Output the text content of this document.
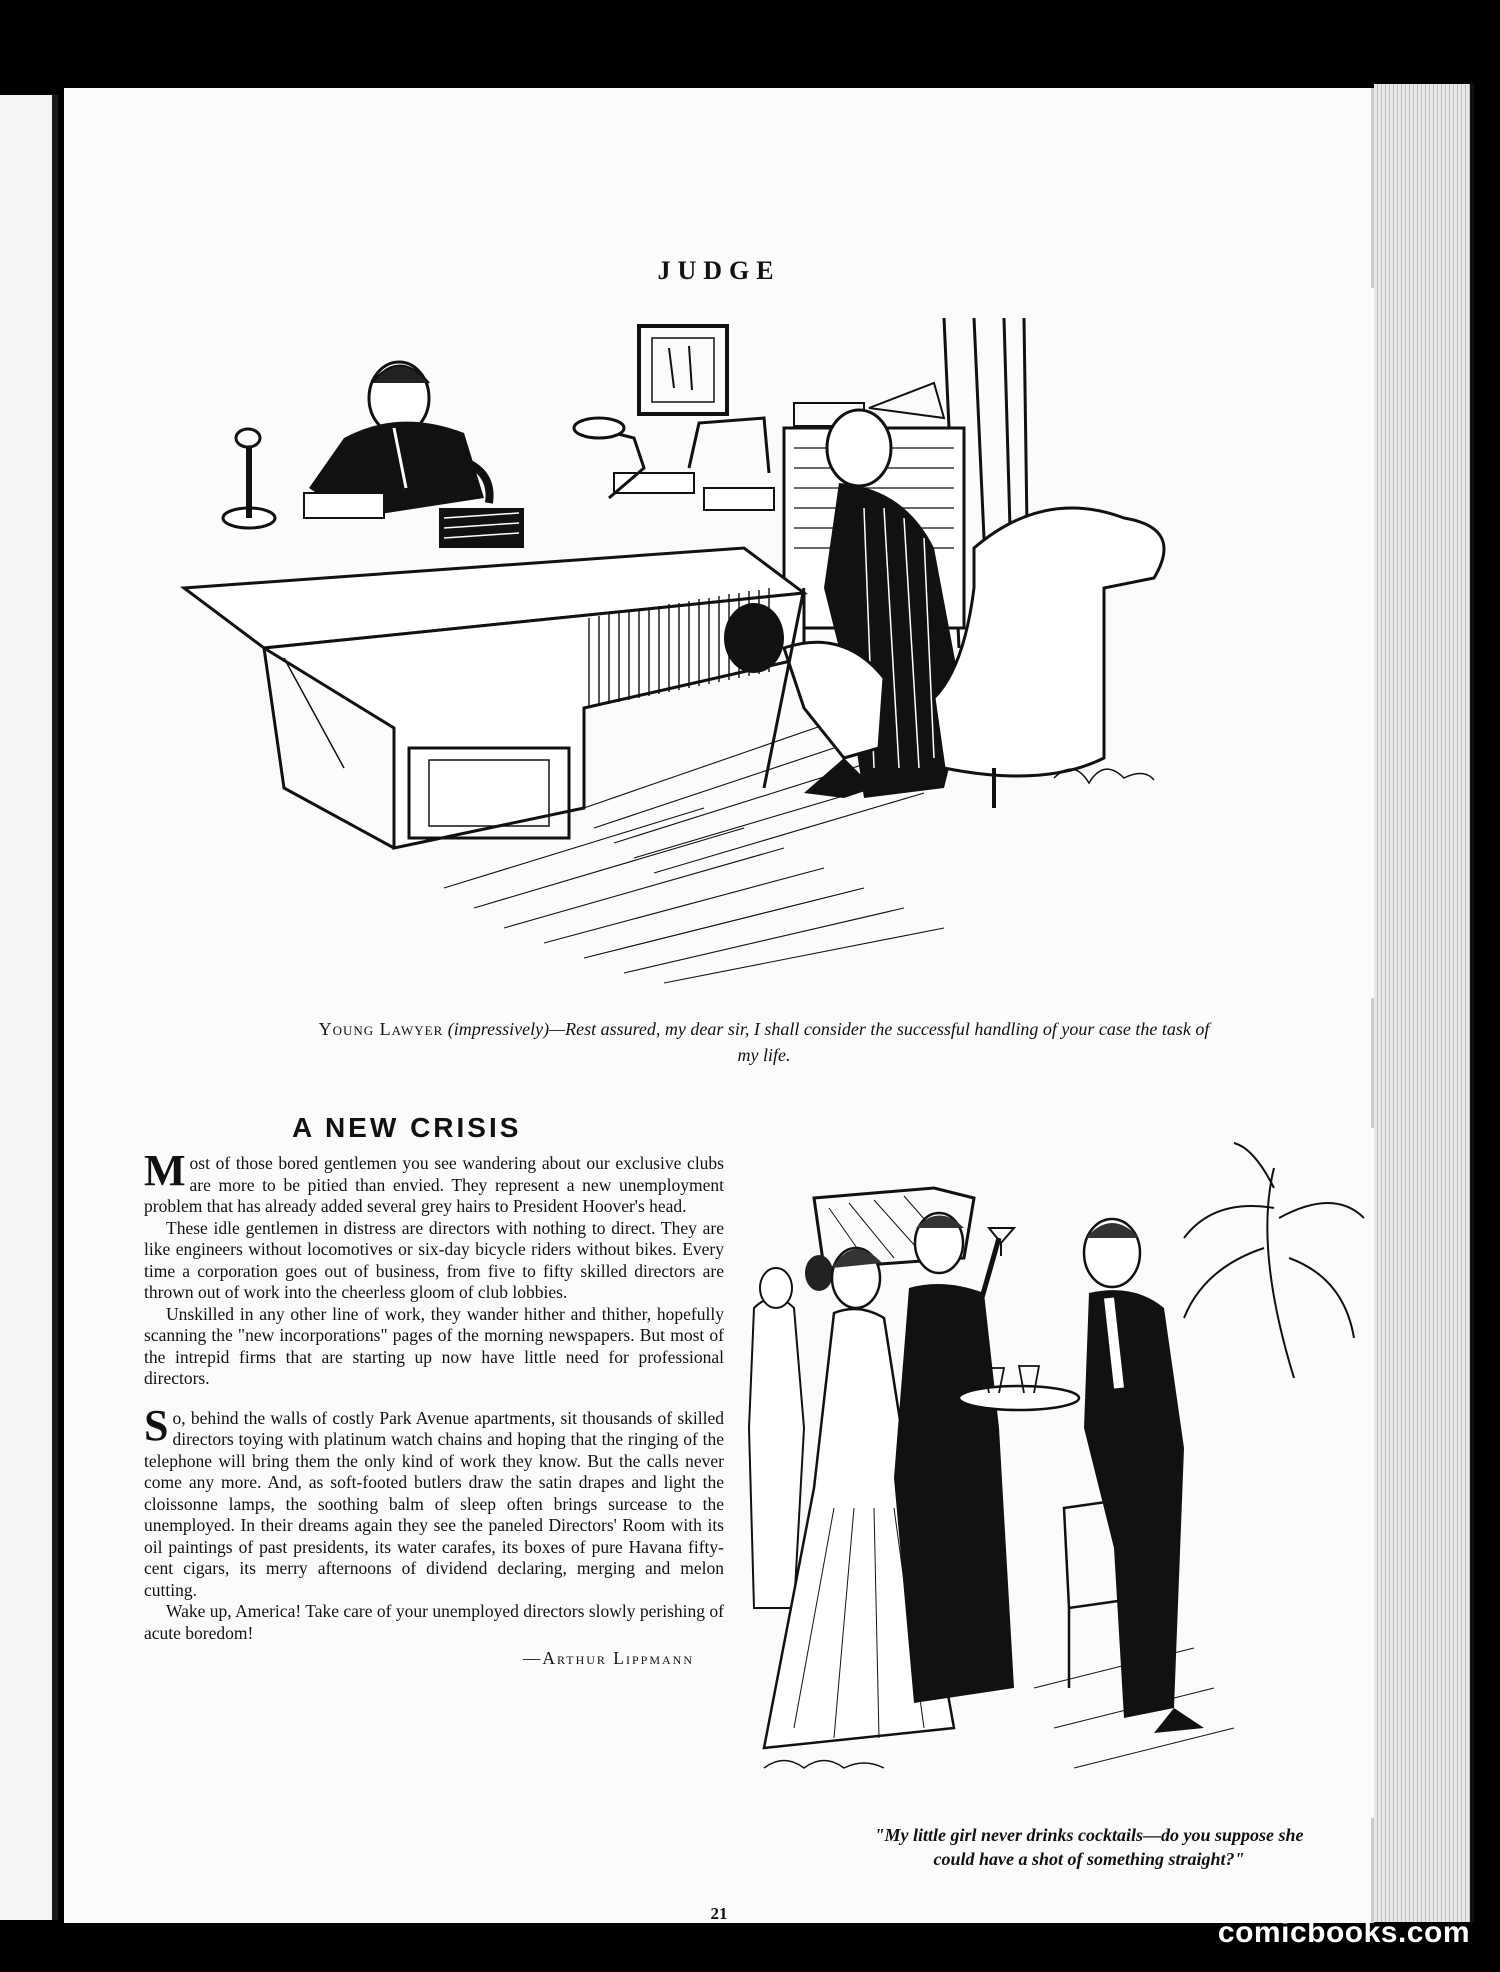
JUDGE
Young Lawyer (impressively)—Rest assured, my dear sir, I shall consider the successful handling of your case the task of my life.
A NEW CRISIS

Most of those bored gentlemen you see wandering about our exclusive clubs are more to be pitied than envied. They represent a new unemployment problem that has already added several grey hairs to President Hoover's head.

These idle gentlemen in distress are directors with nothing to direct. They are like engineers without locomotives or six-day bicycle riders without bikes. Every time a corporation goes out of business, from five to fifty skilled directors are thrown out of work into the cheerless gloom of club lobbies.

Unskilled in any other line of work, they wander hither and thither, hopefully scanning the "new incorporations" pages of the morning newspapers. But most of the intrepid firms that are starting up now have little need for professional directors.

So, behind the walls of costly Park Avenue apartments, sit thousands of skilled directors toying with platinum watch chains and hoping that the ringing of the telephone will bring them the only kind of work they know. But the calls never come any more. And, as soft-footed butlers draw the satin drapes and light the cloissonne lamps, the soothing balm of sleep often brings surcease to the unemployed. In their dreams again they see the paneled Directors' Room with its oil paintings of past presidents, its water carafes, its boxes of pure Havana fifty-cent cigars, its merry afternoons of dividend declaring, merging and melon cutting.

Wake up, America! Take care of your unemployed directors slowly perishing of acute boredom!

—Arthur Lippmann
"My little girl never drinks cocktails—do you suppose she could have a shot of something straight?"
21
comicbooks.com
